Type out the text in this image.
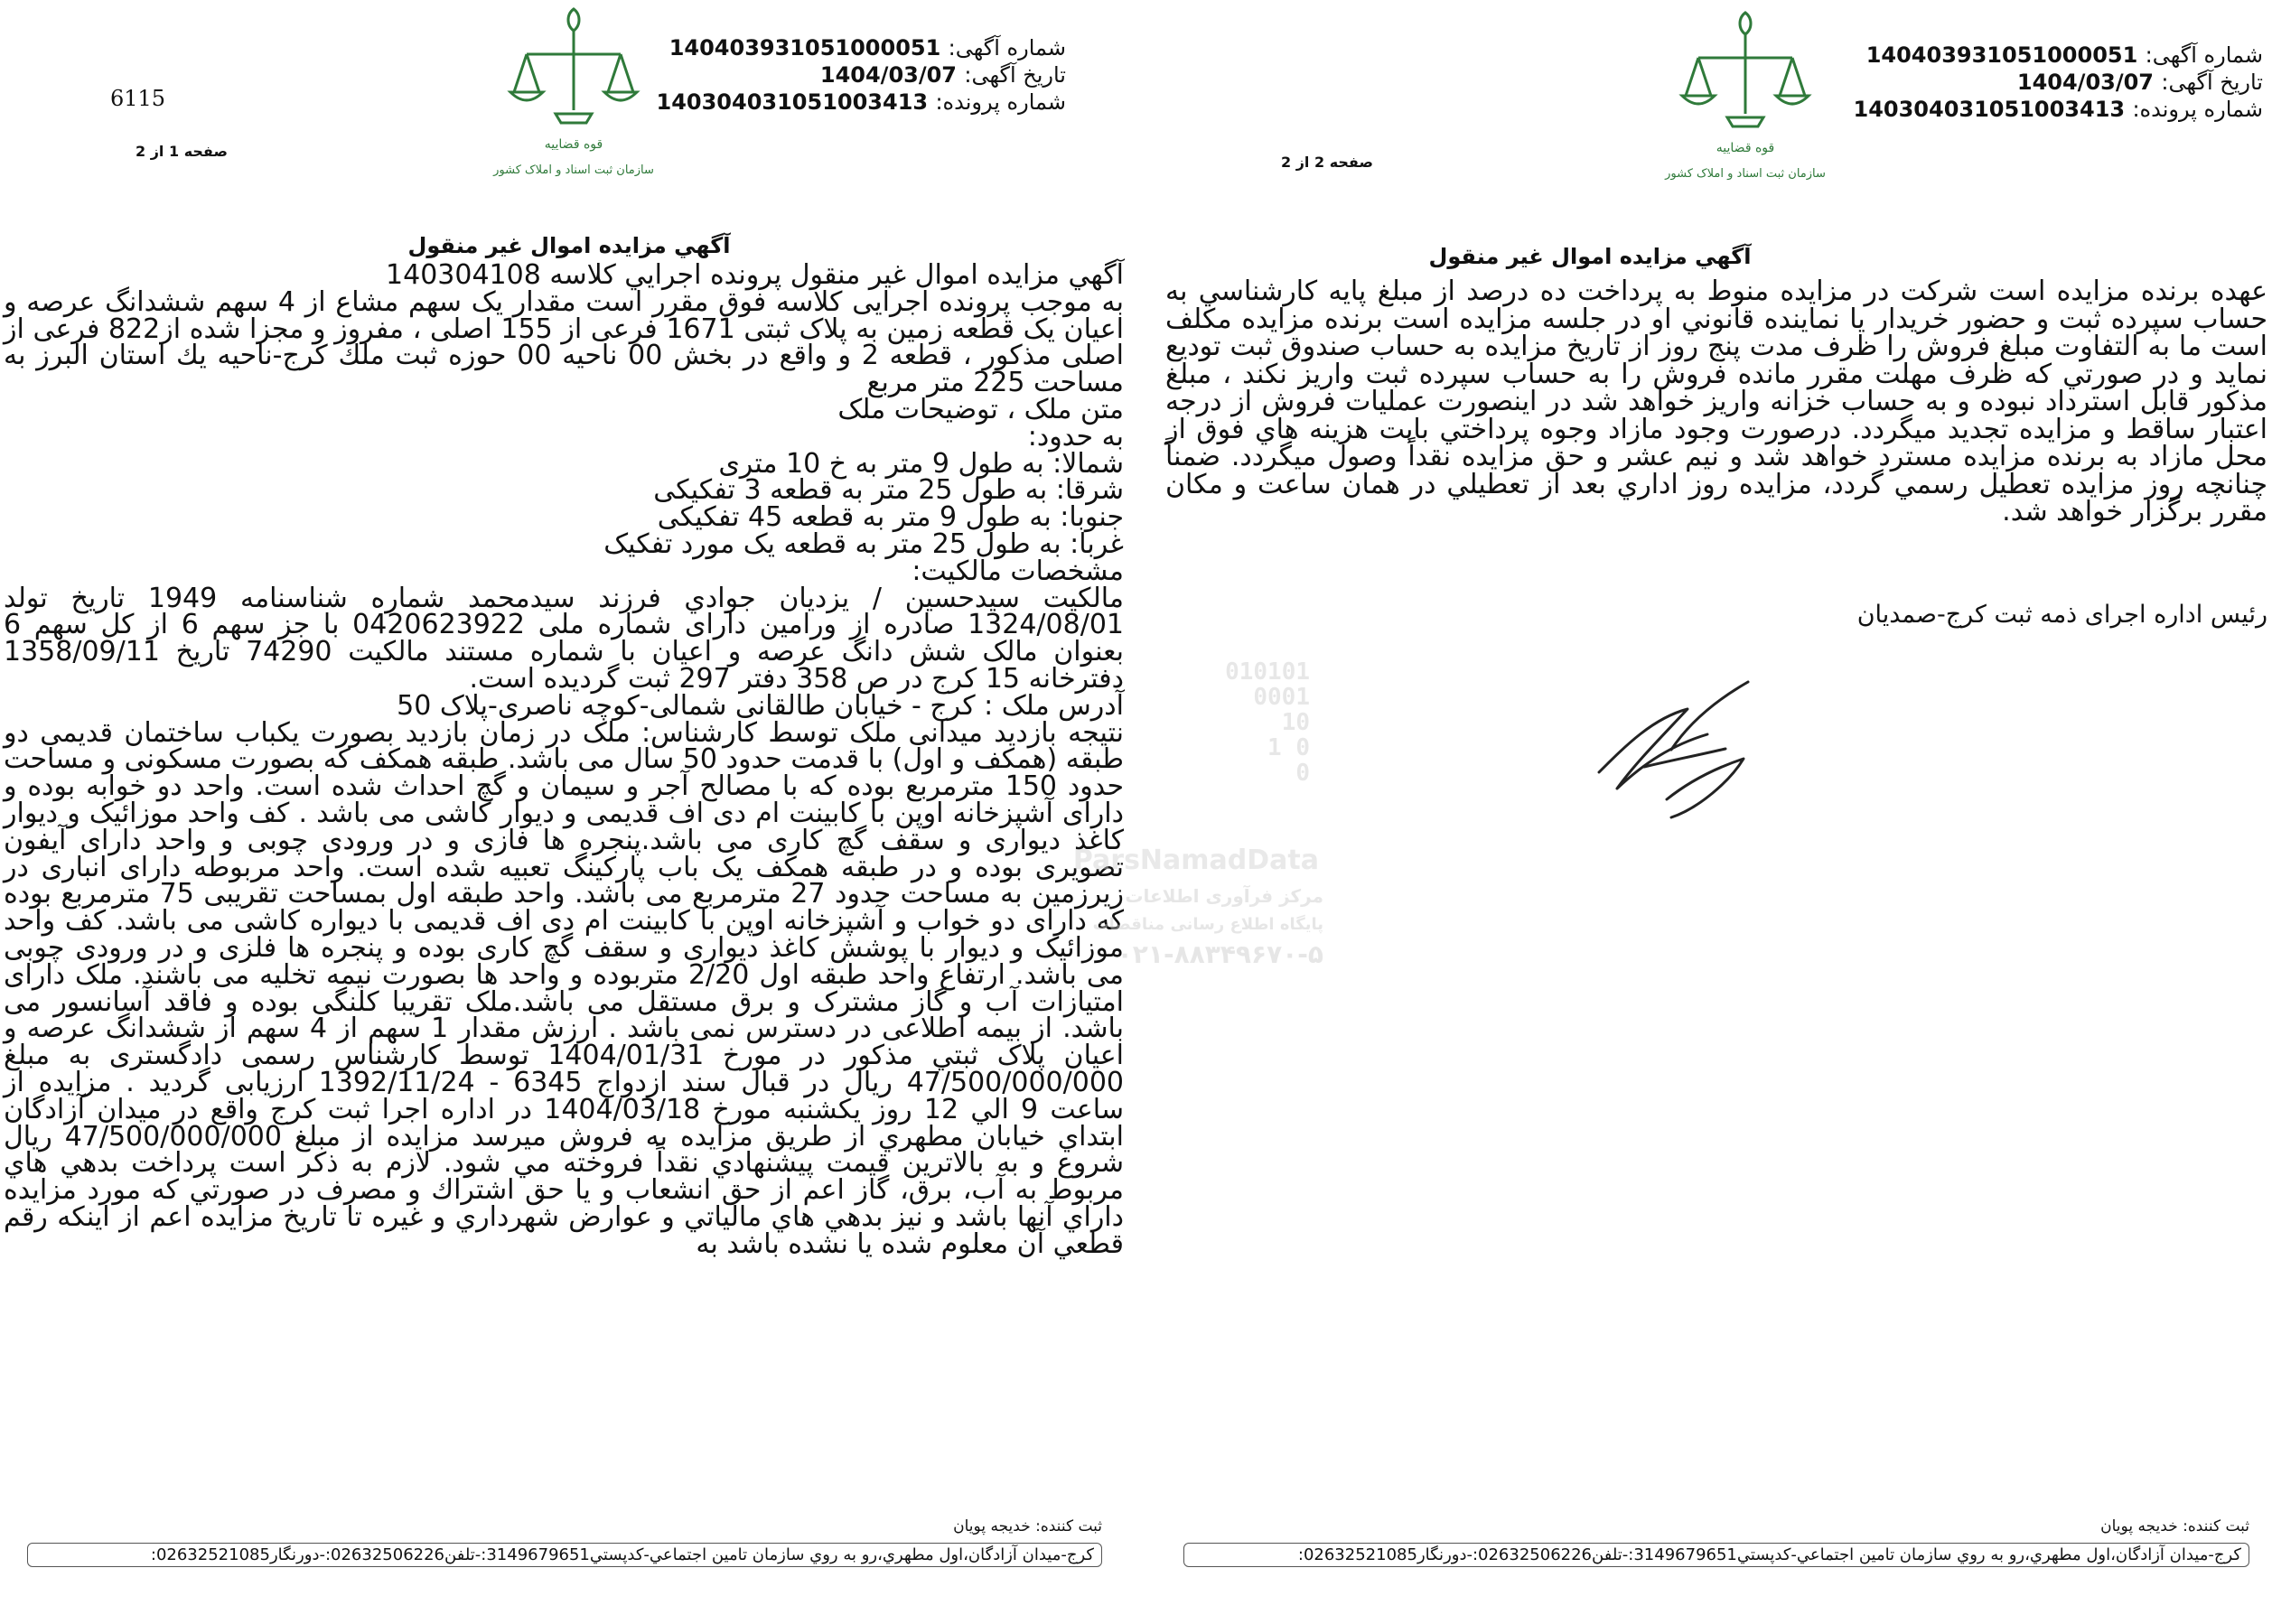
6115
قوه قضاییه
سازمان ثبت اسناد و املاک کشور
شماره آگهی: 140403931051000051
تاریخ آگهی: 1404/03/07
شماره پرونده: 140304031051003413
صفحه 1 از 2
آگهي مزايده اموال غير منقول

آگهي مزايده اموال غير منقول پرونده اجرايي كلاسه 140304108

به موجب پرونده اجرایی کلاسه فوق مقرر است مقدار یک سهم مشاع از 4 سهم ششدانگ عرصه و اعیان یک قطعه زمین به پلاک ثبتی 1671 فرعی از 155 اصلی ، مفروز و مجزا شده از822 فرعی از اصلی مذکور ، قطعه 2 و واقع در بخش 00 ناحیه 00 حوزه ثبت ملك كرج-ناحيه يك استان البرز به مساحت 225 متر مربع

متن ملک ، توضیحات ملک

به حدود:

شمالا: به طول 9 متر به خ 10 متری

شرقا: به طول 25 متر به قطعه 3 تفکیکی

جنوبا: به طول 9 متر به قطعه 45 تفکیکی

غربا: به طول 25 متر به قطعه یک مورد تفکیک

مشخصات مالکیت:

مالکيت سيدحسين / يزديان جوادي فرزند سيدمحمد شماره شناسنامه 1949 تاريخ تولد 1324/08/01 صادره از ورامین دارای شماره ملی 0420623922 با جز سهم 6 از کل سهم 6 بعنوان مالک شش دانگ عرصه و اعیان با شماره مستند مالکیت 74290 تاریخ 1358/09/11 دفترخانه 15 کرج در ص 358 دفتر 297 ثبت گردیده است.

آدرس ملک : کرج - خیابان طالقانی شمالی-کوچه ناصری-پلاک 50

نتیجه بازدید میدانی ملک توسط کارشناس: ملک در زمان بازدید بصورت یکباب ساختمان قدیمی دو طبقه (همکف و اول) با قدمت حدود 50 سال می باشد. طبقه همکف که بصورت مسکونی و مساحت حدود 150 مترمربع بوده که با مصالح آجر و سیمان و گچ احداث شده است. واحد دو خوابه بوده و دارای آشپزخانه اوپن با کابینت ام دی اف قدیمی و دیوار کاشی می باشد . کف واحد موزائیک و دیوار کاغذ دیواری و سقف گچ کاری می باشد.پنجره ها فازی و در ورودی چوبی و واحد دارای آیفون تصویری بوده و در طبقه همکف یک باب پارکینگ تعبیه شده است. واحد مربوطه دارای انباری در زیرزمین به مساحت حدود 27 مترمربع می باشد. واحد طبقه اول بمساحت تقریبی 75 مترمربع بوده که دارای دو خواب و آشپزخانه اوپن با کابینت ام دی اف قدیمی با دیواره کاشی می باشد. کف واحد موزائیک و دیوار با پوشش کاغذ دیواری و سقف گچ کاری بوده و پنجره ها فلزی و در ورودی چوبی می باشد. ارتفاع واحد طبقه اول 2/20 متربوده و واحد ها بصورت نیمه تخلیه می باشند. ملک دارای امتیازات آب و گاز مشترک و برق مستقل می باشد.ملک تقریبا کلنگی بوده و فاقد آسانسور می باشد. از بیمه اطلاعی در دسترس نمی باشد . ارزش مقدار 1 سهم از 4 سهم از ششدانگ عرصه و اعيان پلاک ثبتي مذکور در مورخ 1404/01/31 توسط کارشناس رسمی دادگستری به مبلغ 47/500/000/000 ريال در قبال سند ازدواج 6345 - 1392/11/24 ارزیابی گردید . مزایده از ساعت 9 الي 12 روز يكشنبه مورخ 1404/03/18 در اداره اجرا ثبت كرج واقع در ميدان آزادگان ابتداي خيابان مطهري از طريق مزايده به فروش ميرسد مزايده از مبلغ 47/500/000/000 ريال شروع و به بالاترين قيمت پيشنهادي نقداً فروخته مي شود. لازم به ذکر است پرداخت بدهي هاي مربوط به آب، برق، گاز اعم از حق انشعاب و يا حق اشتراك و مصرف در صورتي كه مورد مزايده داراي آنها باشد و نيز بدهي هاي مالياتي و عوارض شهرداري و غيره تا تاريخ مزايده اعم از اينكه رقم قطعي آن معلوم شده يا نشده باشد به

ثبت كننده: خديجه پويان
كرج-ميدان آزادگان،اول مطهري،رو به روي سازمان تامين اجتماعي-كدپستي3149679651:-تلفن02632506226:-دورنگار02632521085:
010101
0001
10
1 0
0
ParsNamadData
مرکز فرآوری اطلاعات
پایگاه اطلاع رسانی مناقصات
۰۲۱-۸۸۳۴۹۶۷۰-۵
قوه قضاییه
سازمان ثبت اسناد و املاک کشور
شماره آگهی: 140403931051000051
تاریخ آگهی: 1404/03/07
شماره پرونده: 140304031051003413
صفحه 2 از 2
آگهي مزايده اموال غير منقول
عهده برنده مزايده است شركت در مزايده منوط به پرداخت ده درصد از مبلغ پايه كارشناسي به حساب سپرده ثبت و حضور خريدار يا نماينده قانوني او در جلسه مزايده است برنده مزايده مكلف است ما به التفاوت مبلغ فروش را ظرف مدت پنج روز از تاريخ مزايده به حساب صندوق ثبت توديع نمايد و در صورتي كه ظرف مهلت مقرر مانده فروش را به حساب سپرده ثبت واريز نكند ، مبلغ مذكور قابل استرداد نبوده و به حساب خزانه واريز خواهد شد در اينصورت عمليات فروش از درجه اعتبار ساقط و مزايده تجديد ميگردد. درصورت وجود مازاد وجوه پرداختي بابت هزينه هاي فوق از محل مازاد به برنده مزايده مسترد خواهد شد و نيم عشر و حق مزايده نقداً وصول ميگردد. ضمناً چنانچه روز مزايده تعطيل رسمي گردد، مزايده روز اداري بعد از تعطيلي در همان ساعت و مكان مقرر برگزار خواهد شد.
رئيس اداره اجراى ذمه ثبت كرج-صمديان
ثبت كننده: خديجه پويان
كرج-ميدان آزادگان،اول مطهري،رو به روي سازمان تامين اجتماعي-كدپستي3149679651:-تلفن02632506226:-دورنگار02632521085:
